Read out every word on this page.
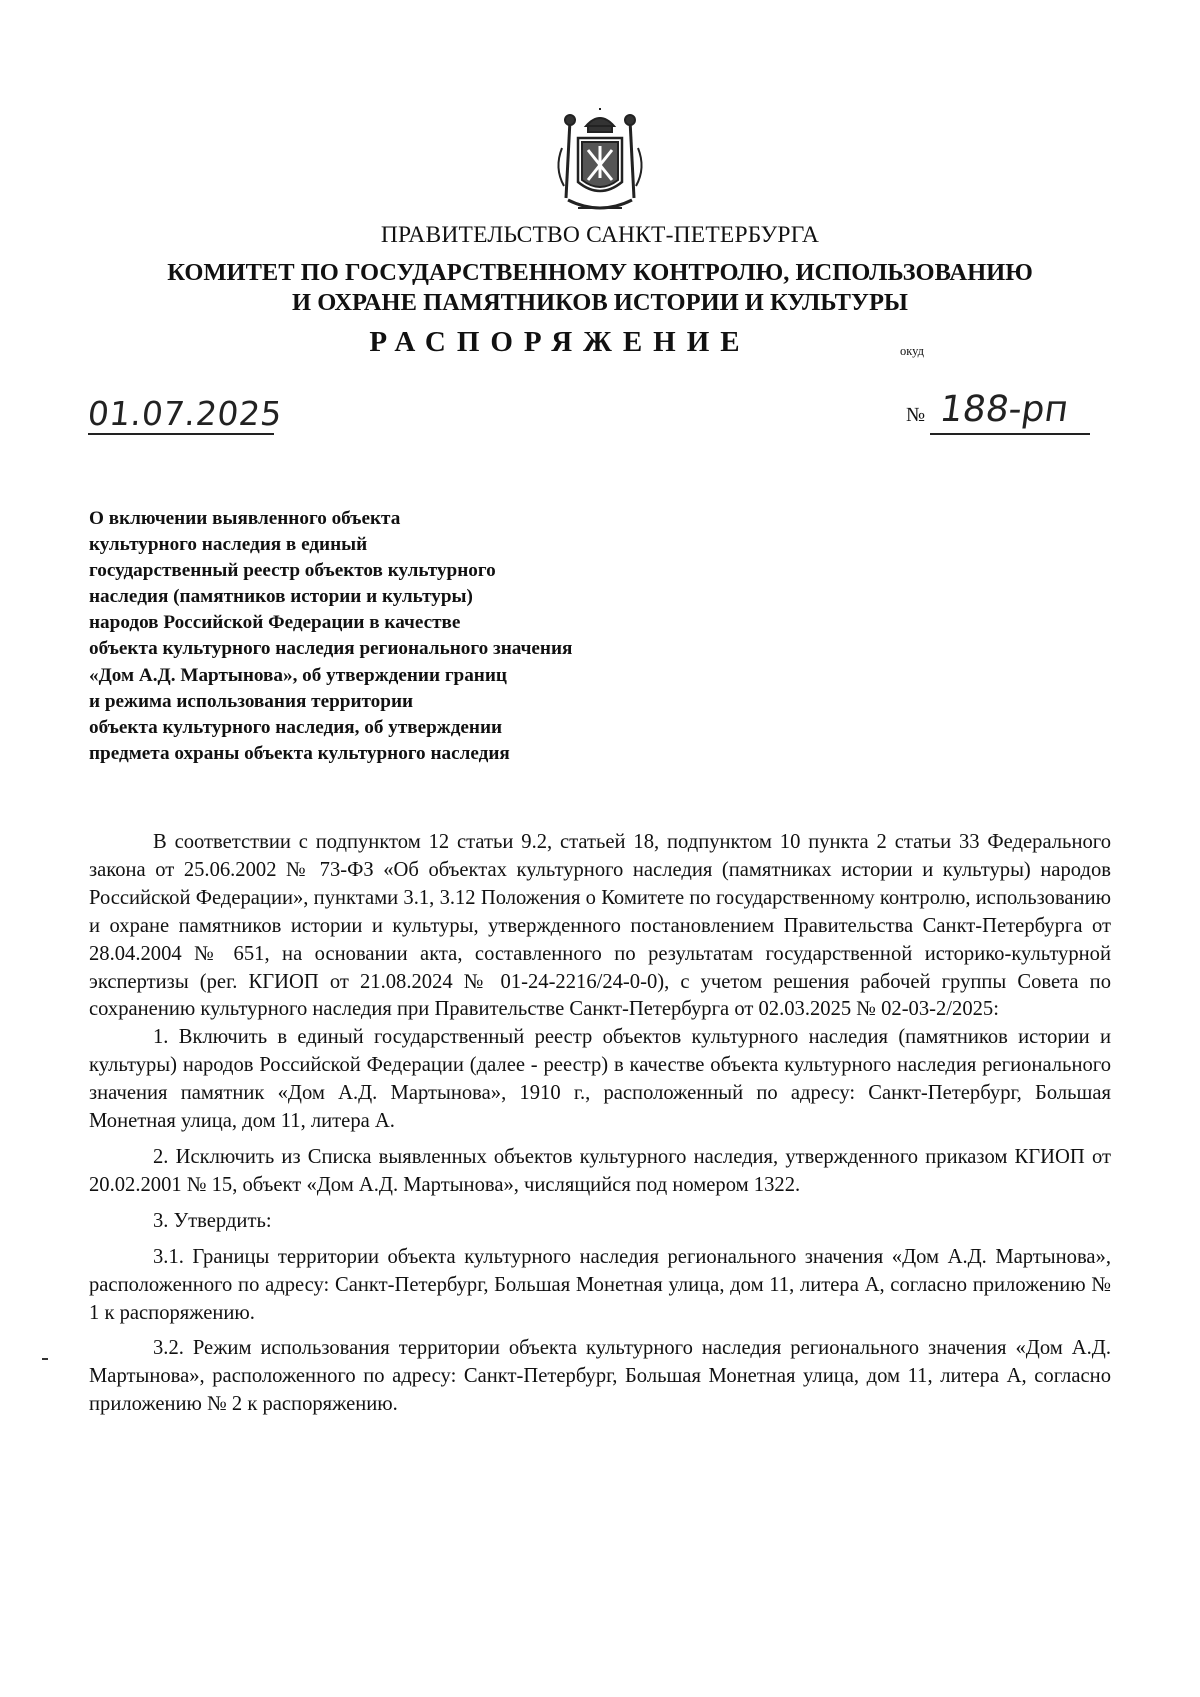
ПРАВИТЕЛЬСТВО САНКТ-ПЕТЕРБУРГА
КОМИТЕТ ПО ГОСУДАРСТВЕННОМУ КОНТРОЛЮ, ИСПОЛЬЗОВАНИЮ
И ОХРАНЕ ПАМЯТНИКОВ ИСТОРИИ И КУЛЬТУРЫ
РАСПОРЯЖЕНИЕ	окуд
01.07.2025	№ 188-рп
О включении выявленного объекта
культурного наследия в единый
государственный реестр объектов культурного
наследия (памятников истории и культуры)
народов Российской Федерации в качестве
объекта культурного наследия регионального значения
«Дом А.Д. Мартынова», об утверждении границ
и режима использования территории
объекта культурного наследия, об утверждении
предмета охраны объекта культурного наследия

В соответствии с подпунктом 12 статьи 9.2, статьей 18, подпунктом 10 пункта 2 статьи 33 Федерального закона от 25.06.2002 № 73-ФЗ «Об объектах культурного наследия (памятниках истории и культуры) народов Российской Федерации», пунктами 3.1, 3.12 Положения о Комитете по государственному контролю, использованию и охране памятников истории и культуры, утвержденного постановлением Правительства Санкт-Петербурга от 28.04.2004 № 651, на основании акта, составленного по результатам государственной историко-культурной экспертизы (рег. КГИОП от 21.08.2024 № 01-24-2216/24-0-0), с учетом решения рабочей группы Совета по сохранению культурного наследия при Правительстве Санкт-Петербурга от 02.03.2025 № 02-03-2/2025:

1. Включить в единый государственный реестр объектов культурного наследия (памятников истории и культуры) народов Российской Федерации (далее - реестр) в качестве объекта культурного наследия регионального значения памятник «Дом А.Д. Мартынова», 1910 г., расположенный по адресу: Санкт-Петербург, Большая Монетная улица, дом 11, литера А.

2. Исключить из Списка выявленных объектов культурного наследия, утвержденного приказом КГИОП от 20.02.2001 № 15, объект «Дом А.Д. Мартынова», числящийся под номером 1322.

3. Утвердить:

3.1. Границы территории объекта культурного наследия регионального значения «Дом А.Д. Мартынова», расположенного по адресу: Санкт-Петербург, Большая Монетная улица, дом 11, литера А, согласно приложению № 1 к распоряжению.

3.2. Режим использования территории объекта культурного наследия регионального значения «Дом А.Д. Мартынова», расположенного по адресу: Санкт-Петербург, Большая Монетная улица, дом 11, литера А, согласно приложению № 2 к распоряжению.
